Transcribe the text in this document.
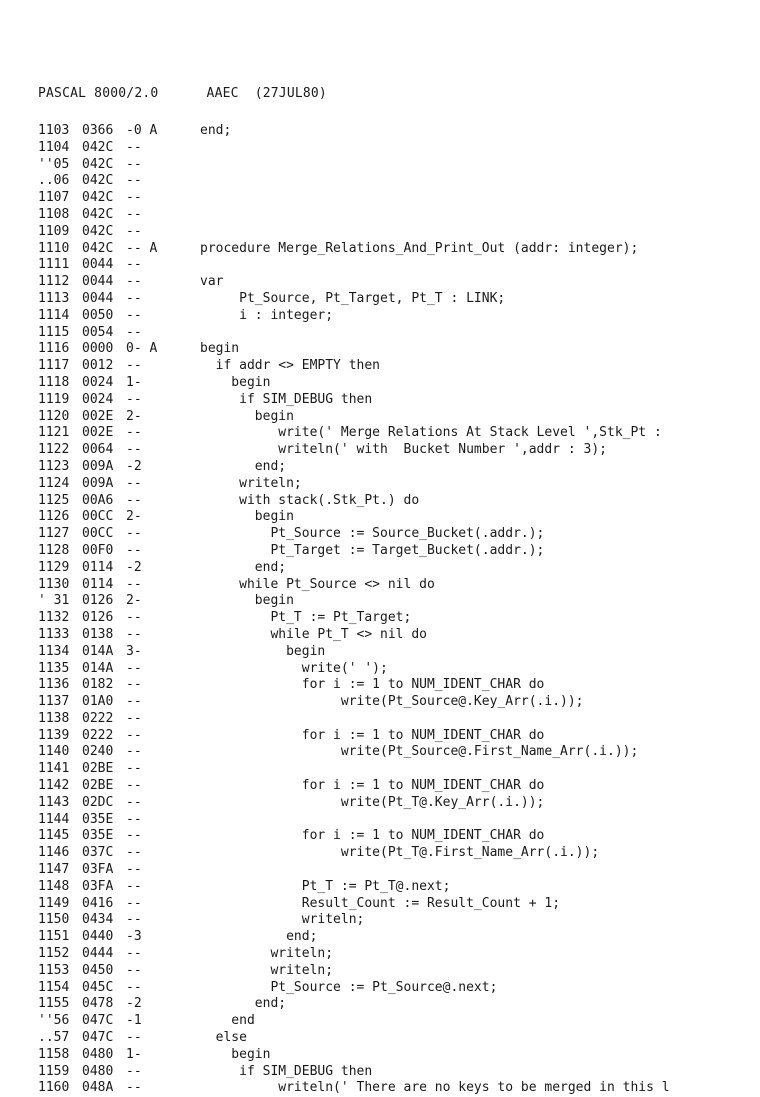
PASCAL 8000/2.0      AAEC  (27JUL80)
1103 0366 -0 A	end;
1104 042C --
''05 042C --
..06 042C --
1107 042C --
1108 042C --
1109 042C --
1110 042C -- A	procedure Merge_Relations_And_Print_Out (addr: integer);
1111 0044 --
1112 0044 --	var
1113 0044 --	Pt_Source, Pt_Target, Pt_T : LINK;
1114 0050 --	i : integer;
1115 0054 --
1116 0000 0- A	begin
1117 0012 --	if addr <> EMPTY then
1118 0024 1-	begin
1119 0024 --	if SIM_DEBUG then
1120 002E 2-	begin
1121 002E --	write(' Merge Relations At Stack Level ',Stk_Pt :
1122 0064 --	writeln(' with  Bucket Number ',addr : 3);
1123 009A -2	end;
1124 009A --	writeln;
1125 00A6 --	with stack(.Stk_Pt.) do
1126 00CC 2-	begin
1127 00CC --	Pt_Source := Source_Bucket(.addr.);
1128 00F0 --	Pt_Target := Target_Bucket(.addr.);
1129 0114 -2	end;
1130 0114 --	while Pt_Source <> nil do
' 31 0126 2-	begin
1132 0126 --	Pt_T := Pt_Target;
1133 0138 --	while Pt_T <> nil do
1134 014A 3-	begin
1135 014A --	write(' ');
1136 0182 --	for i := 1 to NUM_IDENT_CHAR do
1137 01A0 --	write(Pt_Source@.Key_Arr(.i.));
1138 0222 --
1139 0222 --	for i := 1 to NUM_IDENT_CHAR do
1140 0240 --	write(Pt_Source@.First_Name_Arr(.i.));
1141 02BE --
1142 02BE --	for i := 1 to NUM_IDENT_CHAR do
1143 02DC --	write(Pt_T@.Key_Arr(.i.));
1144 035E --
1145 035E --	for i := 1 to NUM_IDENT_CHAR do
1146 037C --	write(Pt_T@.First_Name_Arr(.i.));
1147 03FA --
1148 03FA --	Pt_T := Pt_T@.next;
1149 0416 --	Result_Count := Result_Count + 1;
1150 0434 --	writeln;
1151 0440 -3	end;
1152 0444 --	writeln;
1153 0450 --	writeln;
1154 045C --	Pt_Source := Pt_Source@.next;
1155 0478 -2	end;
''56 047C -1	end
..57 047C --	else
1158 0480 1-	begin
1159 0480 --	if SIM_DEBUG then
1160 048A --	writeln(' There are no keys to be merged in this l
